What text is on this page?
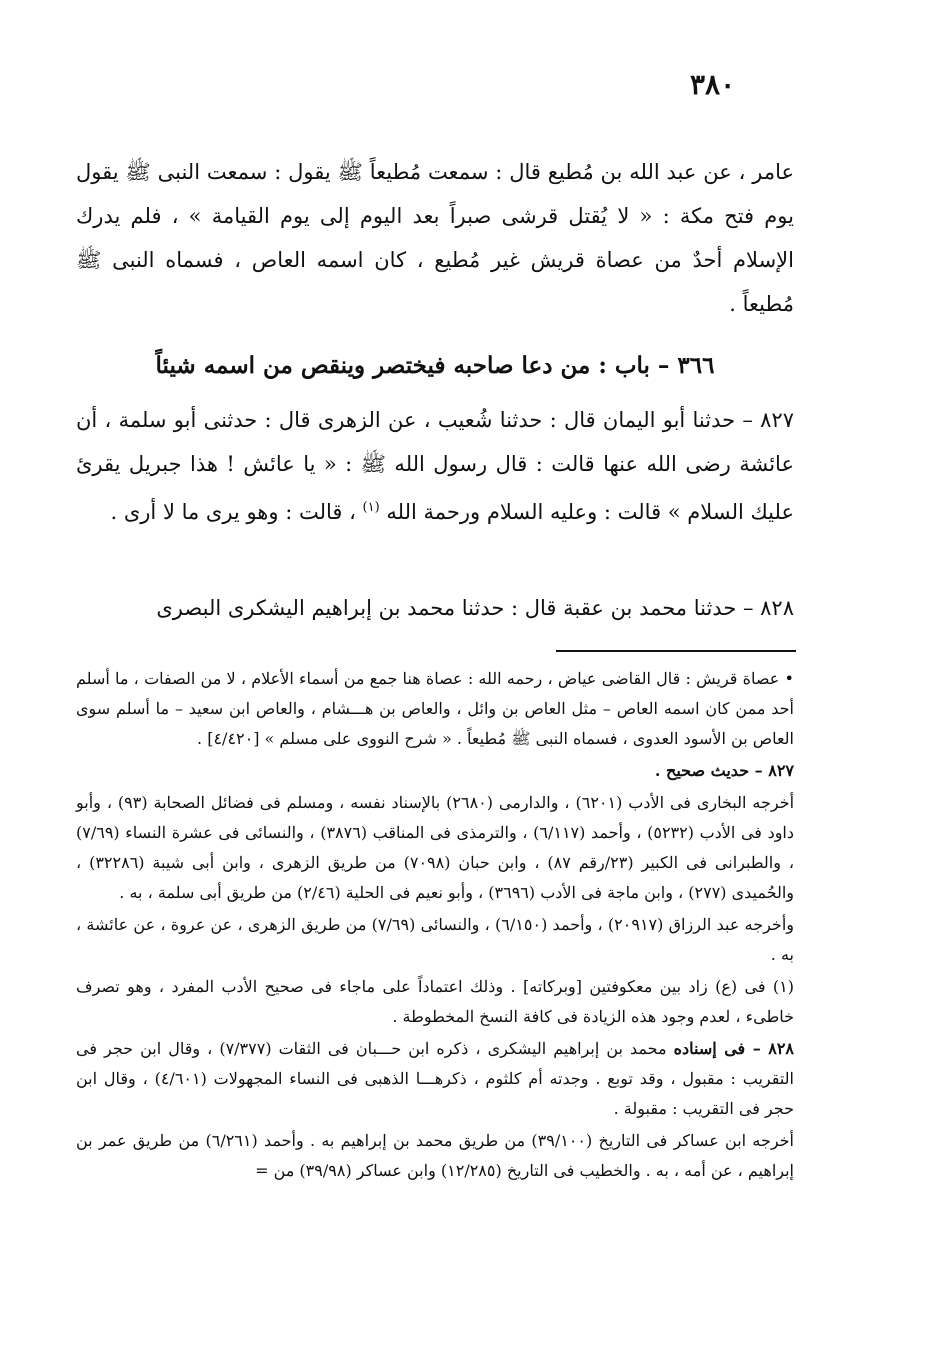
٣٨٠

عامر ، عن عبد الله بن مُطيع قال : سمعت مُطيعاً ﷺ يقول : سمعت النبى ﷺ يقول يوم فتح مكة : « لا يُقتل قرشى صبراً بعد اليوم إلى يوم القيامة » ، فلم يدرك الإسلام أحدٌ من عصاة قريش غير مُطيع ، كان اسمه العاص ، فسماه النبى ﷺ مُطيعاً .

٣٦٦ – باب : من دعا صاحبه فيختصر وينقص من اسمه شيئاً
٨٢٧ – حدثنا أبو اليمان قال : حدثنا شُعيب ، عن الزهرى قال : حدثنى أبو سلمة ، أن عائشة رضى الله عنها قالت : قال رسول الله ﷺ : « يا عائش ! هذا جبريل يقرئ عليك السلام » قالت : وعليه السلام ورحمة الله $^{(١)}$ ، قالت : وهو يرى ما لا أرى .
٨٢٨ – حدثنا محمد بن عقبة قال : حدثنا محمد بن إبراهيم اليشكرى البصرى

• عصاة قريش : قال القاضى عياض ، رحمه الله : عصاة هنا جمع من أسماء الأعلام ، لا من الصفات ، ما أسلم أحد ممن كان اسمه العاص – مثل العاص بن وائل ، والعاص بن هـــشام ، والعاص ابن سعيد – ما أسلم سوى العاص بن الأسود العدوى ، فسماه النبى ﷺ مُطيعاً . « شرح النووى على مسلم » [٤/٤٢٠] .

٨٢٧ – حديث صحيح .

أخرجه البخارى فى الأدب (٦٢٠١) ، والدارمى (٢٦٨٠) بالإسناد نفسه ، ومسلم فى فضائل الصحابة (٩٣) ، وأبو داود فى الأدب (٥٢٣٢) ، وأحمد (٦/١١٧) ، والترمذى فى المناقب (٣٨٧٦) ، والنسائى فى عشرة النساء (٧/٦٩) ، والطبرانى فى الكبير (٢٣/رقم ٨٧) ، وابن حبان (٧٠٩٨) من طريق الزهرى ، وابن أبى شيبة (٣٢٢٨٦) ، والحُميدى (٢٧٧) ، وابن ماجة فى الأدب (٣٦٩٦) ، وأبو نعيم فى الحلية (٢/٤٦) من طريق أبى سلمة ، به .

وأخرجه عبد الرزاق (٢٠٩١٧) ، وأحمد (٦/١٥٠) ، والنسائى (٧/٦٩) من طريق الزهرى ، عن عروة ، عن عائشة ، به .

(١) فى (ع) زاد بين معكوفتين [وبركاته] . وذلك اعتماداً على ماجاء فى صحيح الأدب المفرد ، وهو تصرف خاطىء ، لعدم وجود هذه الزيادة فى كافة النسخ المخطوطة .

٨٢٨ – فى إسناده محمد بن إبراهيم اليشكرى ، ذكره ابن حـــبان فى الثقات (٧/٣٧٧) ، وقال ابن حجر فى التقريب : مقبول ، وقد توبع . وجدته أم كلثوم ، ذكرهـــا الذهبى فى النساء المجهولات (٤/٦٠١) ، وقال ابن حجر فى التقريب : مقبولة .

أخرجه ابن عساكر فى التاريخ (٣٩/١٠٠) من طريق محمد بن إبراهيم به . وأحمد (٦/٢٦١) من طريق عمر بن إبراهيم ، عن أمه ، به . والخطيب فى التاريخ (١٢/٢٨٥) وابن عساكر (٣٩/٩٨) من =
